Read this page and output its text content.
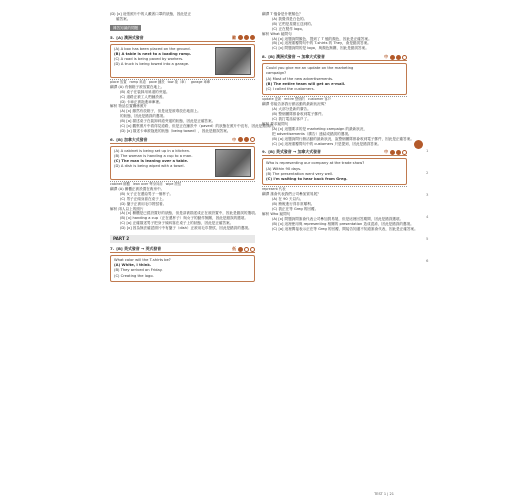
(D) [x] 這張照片中的人戴著口罩的狀態，因此是正
確答案。
雜答知識的問題
5. [A] 澳洲式發音	難
(A) A box has been placed on the ground.
(B) A table is next to a loading ramp.
(C) A road is being paved by workers.
(D) A truck is being towed into a garage.
place 放置 ramp 斜道 pave 鋪設 tow 拖（車） garage 車庫
翻譯 (A) 有個箱子被放置在地上。
(B) 桌子在裝卸用斜道的旁邊。
(C) 道路正被工人們鋪設著。
(D) 卡車正被拖進車庫裡。
解析 物品位置關係照片
(A) [x] 雖然有放箱子，但是這是被堆放在地面上。
的狀態，因此是錯誤的選項。
(B) [o] 描述桌子在裝卸斜道旁邊的狀態，因此是正確答案。
(C) [x] 觀察照片中看得見道路，但是正在鋪設中（paved）的狀態在照片中沒有，因此是錯誤的。
(D) [x] 描述卡車被拖進的狀態（being towed），因此是錯誤答案。
6. [B] 加拿大式發音	中
(A) A cabinet is being set up in a kitchen.
(B) The woman is handing a cup to a man.
(C) The man is leaning over a table.
(D) A dish is being wiped with a towel.
cabinet 櫥櫃 lean over 彎身向前 wipe 擦拭
翻譯 (A) 櫥櫃正被設置在廚房中。
(B) 女子正在遞給男子一個杯子。
(C) 男子正傾身靠在桌子上。
(D) 盤子正被用毛巾擦拭著。
解析 兩人以上的照片
(A) [x] 櫥櫃是已經設置好的狀態，但是卻被描述成正在被設置中，因此是錯誤的選項。
(B) [x] handing a cup（正在遞杯子）與女子的動作無關，因此是錯誤的選項。
(C) [o] 正確描述男子把身子傾斜靠在桌子上的狀態，因此是正確答案。
(D) [x] 因為無法確認照片中有盤子（dish）正被用毛巾擦拭，因此是錯誤的選項。
PART 2
7. [B] 英式發音 → 英式發音	低
What color will the T-shirts be?
(A) White, I think.
(B) They arrived on Friday.
(C) Creating the logo.
翻譯 T 恤會是什麼顏色？
(A) 我覺得是白色的。
(B) 它們是星期五送到的。
(C) 正在製作 logo。
解析 What 疑問句
(A) [o] 這題詢問顏色，提到了 T 恤的顏色，因此是正確答案。
(B) [x] 這裡重覆問句中的 T-shirts 的 They，會是錯誤答案。
(C) [x] 問題詢問的是 logo，與顏色無關，因此是錯誤答案。
8. [B] 澳洲式發音 → 加拿大式發音	中
Could you give me an update on the marketing
campaign?
(A) Most of the new advertisements.
(B) The entire team will get an e-mail.
(C) I called the customers.
update 更新 entire 整個的 customer 客戶
翻譯 你能告訴我行銷活動的最新狀況嗎？
(A) 大部分是新的廣告。
(B) 整個團隊都會收到電子郵件。
(C) 我打電話給客戶了。
解析 要求疑問句
(A) [x] 這題要求的是 marketing campaign 的最新狀況，
把 advertisements（廣告）連結成錯誤的選項。
(B) [o] 這題詢問行銷活動的最新狀況，說整個團隊都會收到電子郵件，因此是正確答案。
(C) [x] 這裡重覆問句中的 customers 只是提到，因此是錯誤答案。
9. [B] 英式發音 → 加拿大式發音	中
Who is representing our company at the trade show?
(A) Within 90 days.
(B) The presentation went very well.
(C) I'm waiting to hear back from Greg.
represent 代表
翻譯 誰會代表我們公司參加貿易展？
(A) 在 90 天以內。
(B) 簡報進行得非常順利。
(C) 我正在等 Greg 的回覆。
解析 Who 疑問句
(A) [x] 問題詢問誰會代表公司參加貿易展，但是這裡回答期間，因此是錯誤選項。
(B) [x] 這裡使用與 representing 相關的 presentation 造成混淆，因此是錯誤的選項。
(C) [o] 這裡間接表示正在等 Greg 的回覆，間接告知還不知道誰會代表，因此是正確答案。
1
2
3
4
5
6
TEST 1 | 21
